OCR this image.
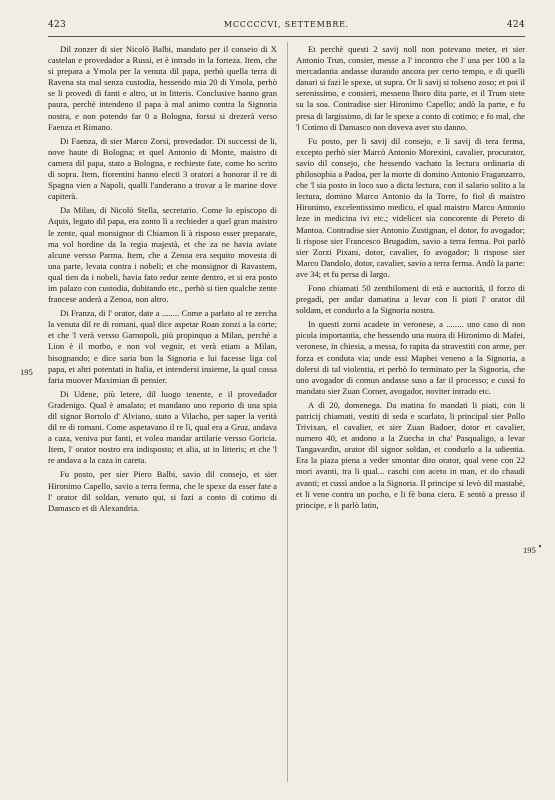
423	MCCCCCVI, SETTEMBRE.	424

Dil zonzer di sier Nicolò Balbi, mandato per il conseio di X castelan e provedador a Russi, et è intrado in la forteza. Item, che si prepara a Ymola per la venuta dil papa, perhò quella terra di Ravena sta mal senza custodia, hessendo mia 20 di Ymola, perhò se li provedi di fanti e altro, ut in litteris. Conclusive hanno gran paura, perchè intendeno il papa à mal animo contra la Signoria nostra, e non potendo far 0 a Bologna, forssi si drezerà verso Faenza et Rimano.

Di Faenza, di sier Marco Zorsi, provedador. Di successi de li, nove haute di Bologna; et quel Antonio di Monte, maistro di camera dil papa, stato a Bologna, e rechieste fate, come ho scrito di sopra. Item, fiorentini hanno electi 3 oratori a honorar il re di Spagna vien a Napoli, qualli l'anderano a trovar a le marine dove capiterà.

Da Milan, di Nicolò Stella, secretario. Come lo episcopo di Aquis, legato dil papa, era zonto lì a rechieder a quel gran maistro le zente, qual monsignor di Chiamon lì à risposo esser preparate, ma vol hordine da la regia majestà, et che za ne havia aviate alcune versso Parma. Item, che a Zenoa era sequito movesta di una parte, levata contra i nobeli; et che monsignor di Ravastem, qual tien da i nobeli, havia fato redur zente dentro, et si era posto im palazo con custodia, dubitando etc., perhò si tien qualche zente francese anderà a Zenoa, non altro.

Di Franza, di l' orator, date a ........ Come a parlato al re zercha la venuta dil re di romani, qual dice aspetar Roan zonzi a la corte; et che 'l verà versso Garnopoli, più propinquo a Milan, perchè a Lion è il morbo, e non vol vegnir, et verà etiam a Milan, bisognando; e dice saria bon la Signoria e lui facesse liga col papa, et altri potentati in Italia, et intendersi insieme, la qual cossa faria muover Maximian di pensier.

Di Udene, più letere, dil luogo tenente, e il provedador Gradenigo. Qual è amalato; et mandano uno reporto di una spia dil signor Bortolo d' Alviano, stato a Vilacho, per saper la verità dil re di romani. Come aspetavano il re lì, qual era a Gruz, andava a caza, veniva pur fanti, et volea mandar artilarie versso Goricia. Item, l' orator nostro era indisposto; et alia, ut in litteris; et che 'l re andava a la caza in careta.

Fu posto, per sier Piero Balbi, savio dil consejo, et sier Hironimo Capello, savio a terra ferma, che le spexe da esser fate a l' orator dil soldan, venuto qui, si fazi a conto di cotimo di Damasco et di Alexandria.

Et perchè questi 2 savij noll non potevano meter, et sier Antonio Trun, consier, messe a l' incontro che l' una per 100 a la mercadantia andasse durando ancora per certo tempo, e di quelli danari si fazi le spexe, ut supra. Or li savij si tolseno zoso; et poi il serenissimo, e consieri, messeno lhoro dita parte, et il Trum stete su la soa. Contradise sier Hironimo Capello; andò la parte, e fu presa di largissimo, di far le spexe a conto di cotimo; e fo mal, che 'l Cotimo di Damasco non doveva aver sto danno.

Fu posto, per li savij dil consejo, e li savij di tera ferma, excepto perhò sier Marcò Antonio Morexini, cavalier, procurator, savio dil consejo, che hessendo vachato la lectura ordinaria di philosophia a Padoa, per la morte di domino Antonio Fraganzarro, che 'l sia posto in loco suo a dicta lectura, con il salario solito a la lectura, domino Marco Antonio da la Torre, fo fiol di maistro Hironimo, excelentissimo medico, el qual maistro Marco Antonio leze in medicina ivi etc.; videlicet sia concorente di Pereto di Mantoa. Contradise sier Antonio Zustignan, el dotor, fo avogador; li rispose sier Francesco Brugadim, savio a terra ferma. Poi parlò sier Zorzi Pixani, dotor, cavalier, fo avogador; li rispose sier Marco Dandolo, dotor, cavalier, savio a terra ferma. Andò la parte: ave 34; et fu persa di largo.

Fono chiamati 50 zenthilomeni di età e auctorità, il forzo di pregadi, per andar damatina a levar con li piati l' orator dil soldam, et condurlo a la Signoria nostra.

In questi zorni acadete in veronese, a ........ uno caso di non picola importantia, che hessendo una nuora di Hironimo di Mafei, veronese, in chiesia, a messa, fo rapita da stravestiti con arme, per forza et conduta via; unde essi Maphei veneno a la Signoria, a dolersi di tal violentia, et perhò fo terminato per la Signoria, che uno avogador di comun andasse suso a far il processo; e cussì fo mandato sier Zuan Corner, avogador, noviter intrado etc.

A dì 20, domenega. Da matina fo mandati li piati, con li patricij chiamati, vestiti di seda e scarlato, li principal sier Pollo Trivixan, el cavalier, et sier Zuan Badoer, dotor et cavalier, numero 40, et andono a la Zuecha in cha' Pasqualigo, a levar Tangavardin, orator dil signor soldan, et condurlo a la udientia. Era la piaza piena a veder smontar dito orator, qual vene con 22 mori avanti, tra li qual... caschi con aceto in man, et do chaudi avanti; et cussì andoe a la Signoria. Il principe si levò dil mastabè, et li vene contra un pocho, e li fè bona ciera. E sentò a presso il principe, e li parlò latin,

195
195 •
